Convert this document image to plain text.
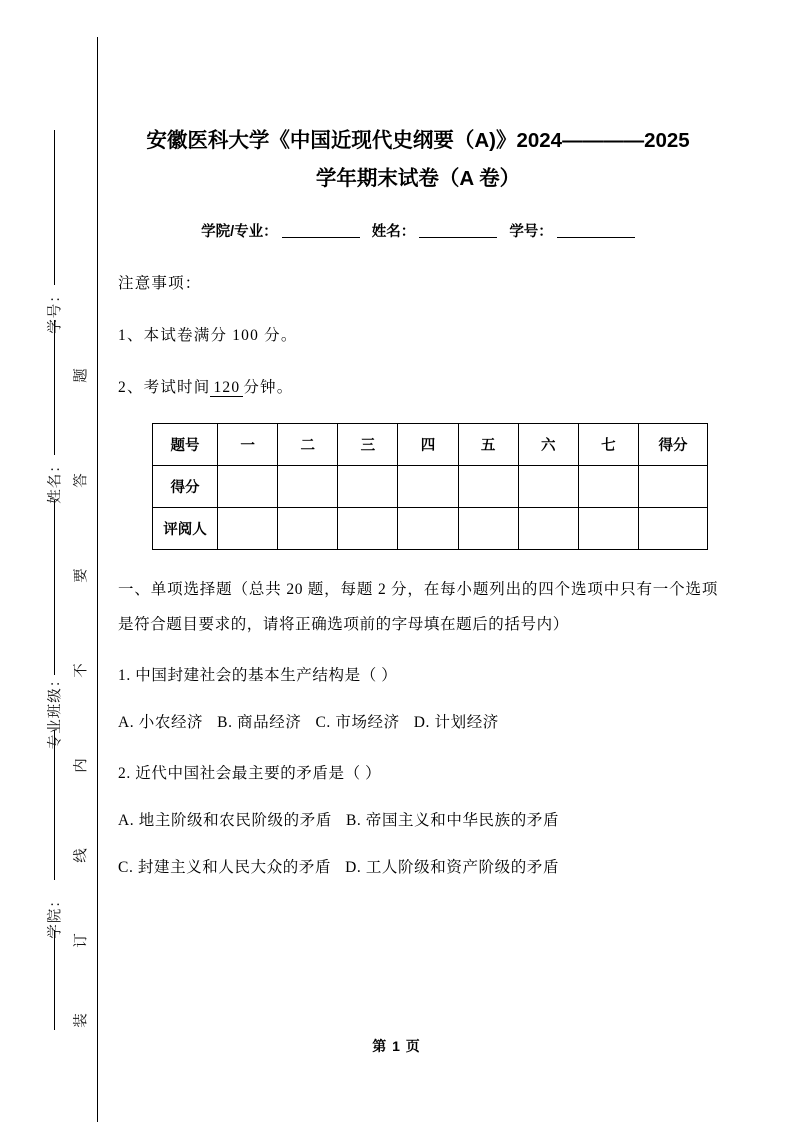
学号：
姓名：
专业班级：
学院：
题
答
要
不
内
线
订
装
安徽医科大学《中国近现代史纲要（A)》2024————2025
学年期末试卷（A 卷）
学院/专业：	姓名：	学号：

注意事项：

1、本试卷满分 100 分。

2、考试时间 120 分钟。

题号	一	二	三	四	五	六	七	得分
得分								
评阅人								
一、单项选择题（总共 20 题，每题 2 分，在每小题列出的四个选项中只有一个选项是符合题目要求的，请将正确选项前的字母填在题后的括号内）
1. 中国封建社会的基本生产结构是（ ）
A. 小农经济 B. 商品经济 C. 市场经济 D. 计划经济
2. 近代中国社会最主要的矛盾是（ ）
A. 地主阶级和农民阶级的矛盾 B. 帝国主义和中华民族的矛盾
C. 封建主义和人民大众的矛盾 D. 工人阶级和资产阶级的矛盾
第 1 页
